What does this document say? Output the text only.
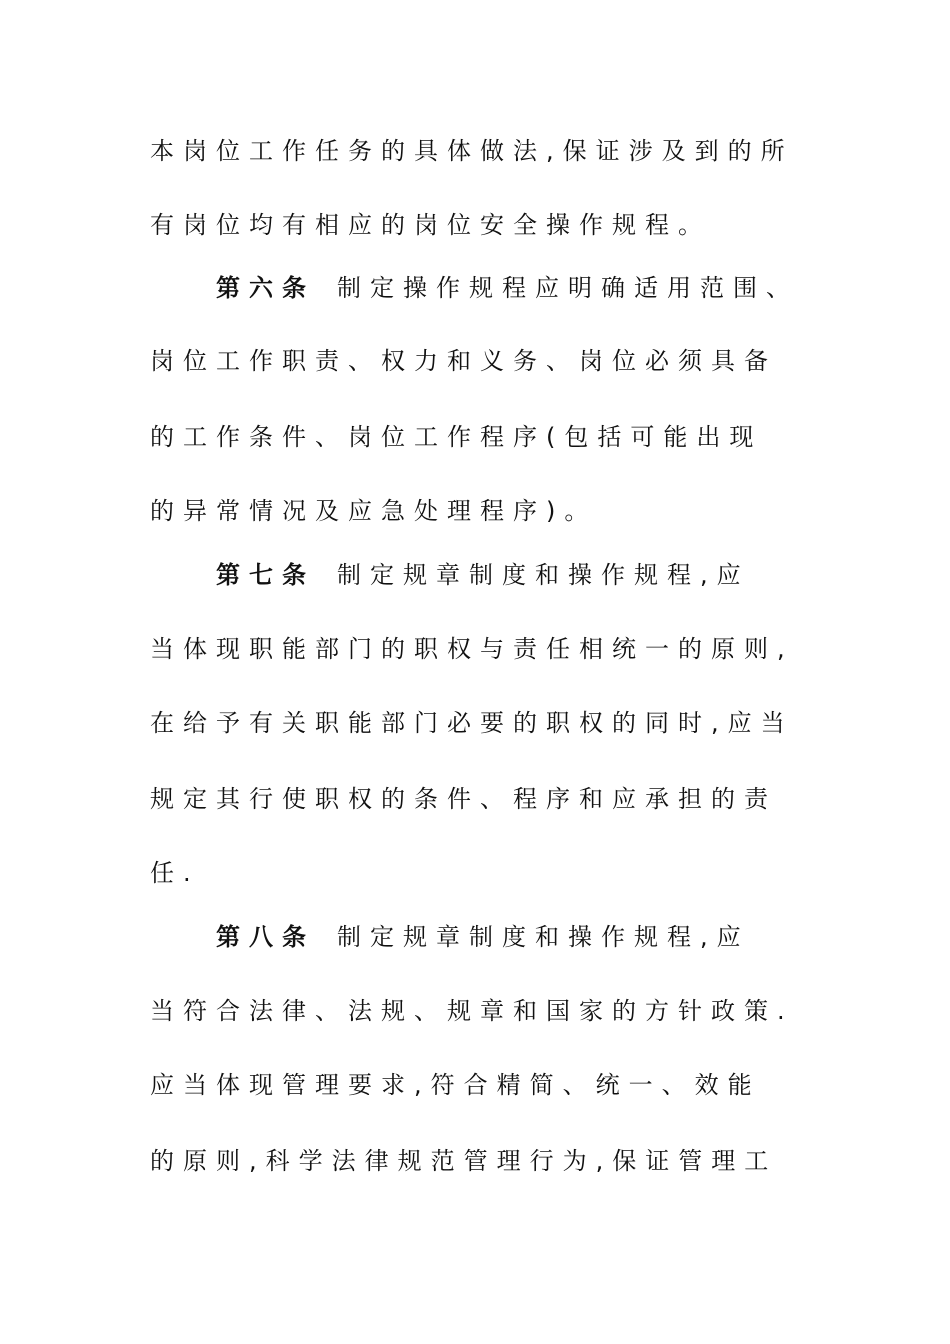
本岗位工作任务的具体做法,保证涉及到的所
有岗位均有相应的岗位安全操作规程。
第六条 制定操作规程应明确适用范围、
岗位工作职责、权力和义务、岗位必须具备
的工作条件、岗位工作程序(包括可能出现
的异常情况及应急处理程序)。
第七条 制定规章制度和操作规程,应
当体现职能部门的职权与责任相统一的原则,
在给予有关职能部门必要的职权的同时,应当
规定其行使职权的条件、程序和应承担的责
任.
第八条 制定规章制度和操作规程,应
当符合法律、法规、规章和国家的方针政策.
应当体现管理要求,符合精简、统一、效能
的原则,科学法律规范管理行为,保证管理工
